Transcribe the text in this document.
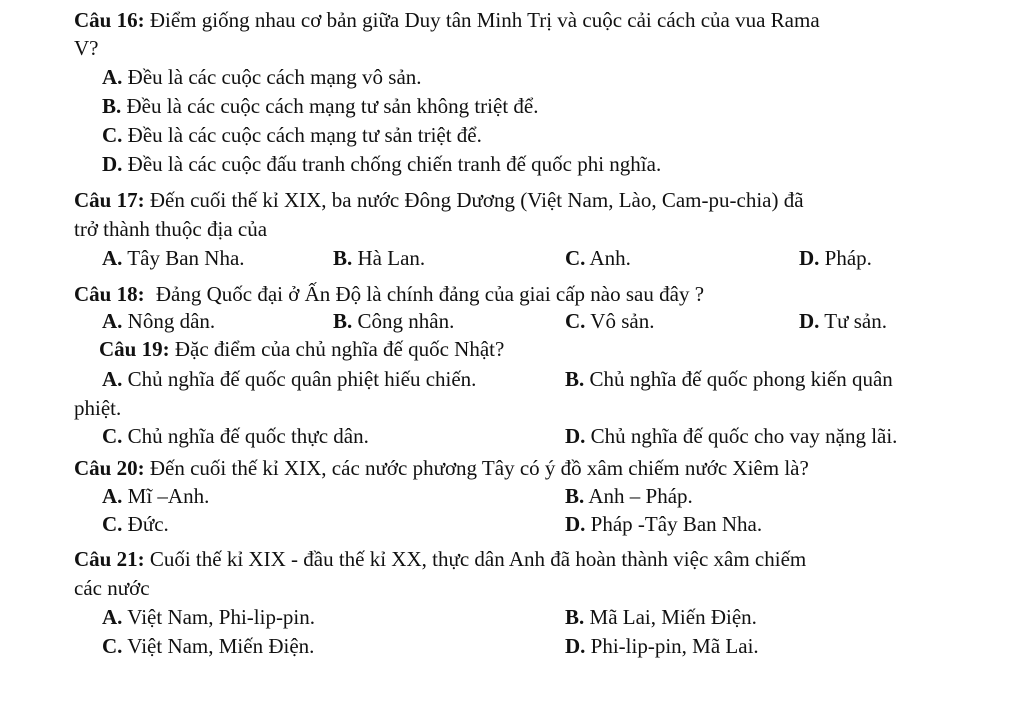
Câu 16: Điểm giống nhau cơ bản giữa Duy tân Minh Trị và cuộc cải cách của vua Rama
V?
A. Đều là các cuộc cách mạng vô sản.
B. Đều là các cuộc cách mạng tư sản không triệt để.
C. Đều là các cuộc cách mạng tư sản triệt để.
D. Đều là các cuộc đấu tranh chống chiến tranh đế quốc phi nghĩa.
Câu 17: Đến cuối thế kỉ XIX, ba nước Đông Dương (Việt Nam, Lào, Cam-pu-chia) đã
trở thành thuộc địa của
A. Tây Ban Nha.	B. Hà Lan.	C. Anh.	D. Pháp.
Câu 18: Đảng Quốc đại ở Ấn Độ là chính đảng của giai cấp nào sau đây ?
A. Nông dân.	B. Công nhân.	C. Vô sản.	D. Tư sản.
Câu 19: Đặc điểm của chủ nghĩa đế quốc Nhật?
A. Chủ nghĩa đế quốc quân phiệt hiếu chiến.	B. Chủ nghĩa đế quốc phong kiến quân
phiệt.
C. Chủ nghĩa đế quốc thực dân.	D. Chủ nghĩa đế quốc cho vay nặng lãi.
Câu 20: Đến cuối thế kỉ XIX, các nước phương Tây có ý đồ xâm chiếm nước Xiêm là?
A. Mĩ –Anh.	B. Anh – Pháp.
C. Đức.	D. Pháp -Tây Ban Nha.
Câu 21: Cuối thế kỉ XIX - đầu thế kỉ XX, thực dân Anh đã hoàn thành việc xâm chiếm
các nước
A. Việt Nam, Phi-lip-pin.	B. Mã Lai, Miến Điện.
C. Việt Nam, Miến Điện.	D. Phi-lip-pin, Mã Lai.
